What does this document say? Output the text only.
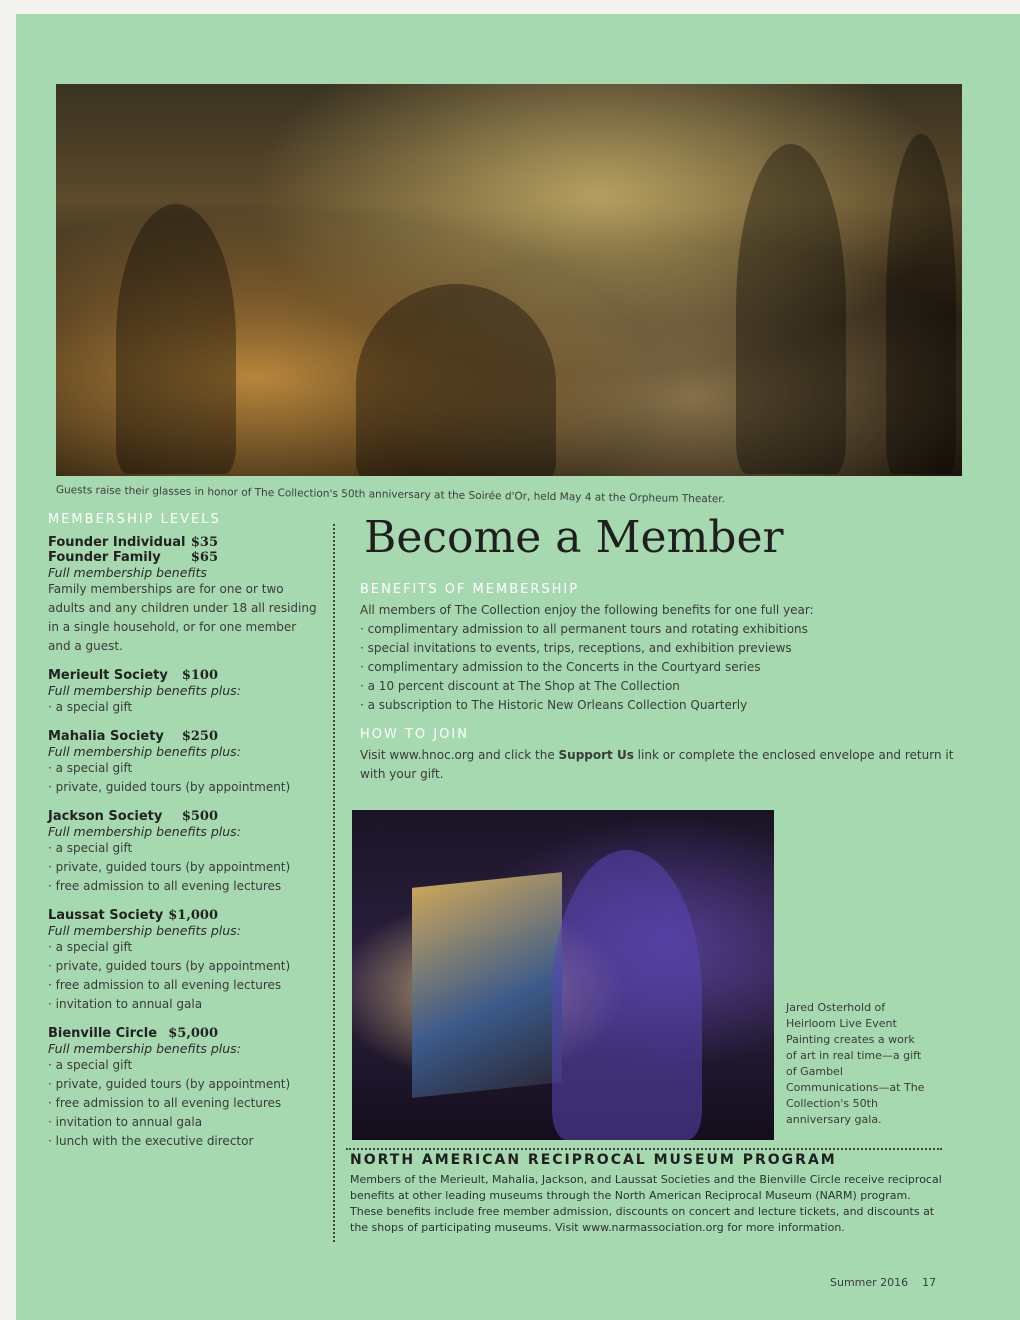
Guests raise their glasses in honor of The Collection's 50th anniversary at the Soirée d'Or, held May 4 at the Orpheum Theater.
MEMBERSHIP LEVELS
Founder Individual $35
Founder Family $65
Full membership benefits
Family memberships are for one or two adults and any children under 18 all residing in a single household, or for one member and a guest.
Merieult Society $100
Full membership benefits plus:
· a special gift
Mahalia Society $250
Full membership benefits plus:
· a special gift
· private, guided tours (by appointment)
Jackson Society $500
Full membership benefits plus:
· a special gift
· private, guided tours (by appointment)
· free admission to all evening lectures
Laussat Society $1,000
Full membership benefits plus:
· a special gift
· private, guided tours (by appointment)
· free admission to all evening lectures
· invitation to annual gala
Bienville Circle $5,000
Full membership benefits plus:
· a special gift
· private, guided tours (by appointment)
· free admission to all evening lectures
· invitation to annual gala
· lunch with the executive director
Become a Member
BENEFITS OF MEMBERSHIP
All members of The Collection enjoy the following benefits for one full year:
· complimentary admission to all permanent tours and rotating exhibitions
· special invitations to events, trips, receptions, and exhibition previews
· complimentary admission to the Concerts in the Courtyard series
· a 10 percent discount at The Shop at The Collection
· a subscription to The Historic New Orleans Collection Quarterly
HOW TO JOIN
Visit www.hnoc.org and click the Support Us link or complete the enclosed envelope and return it with your gift.
Jared Osterhold of Heirloom Live Event Painting creates a work of art in real time—a gift of Gambel Communications—at The Collection's 50th anniversary gala.
NORTH AMERICAN RECIPROCAL MUSEUM PROGRAM
Members of the Merieult, Mahalia, Jackson, and Laussat Societies and the Bienville Circle receive reciprocal benefits at other leading museums through the North American Reciprocal Museum (NARM) program. These benefits include free member admission, discounts on concert and lecture tickets, and discounts at the shops of participating museums. Visit www.narmassociation.org for more information.
Summer 2016 17
